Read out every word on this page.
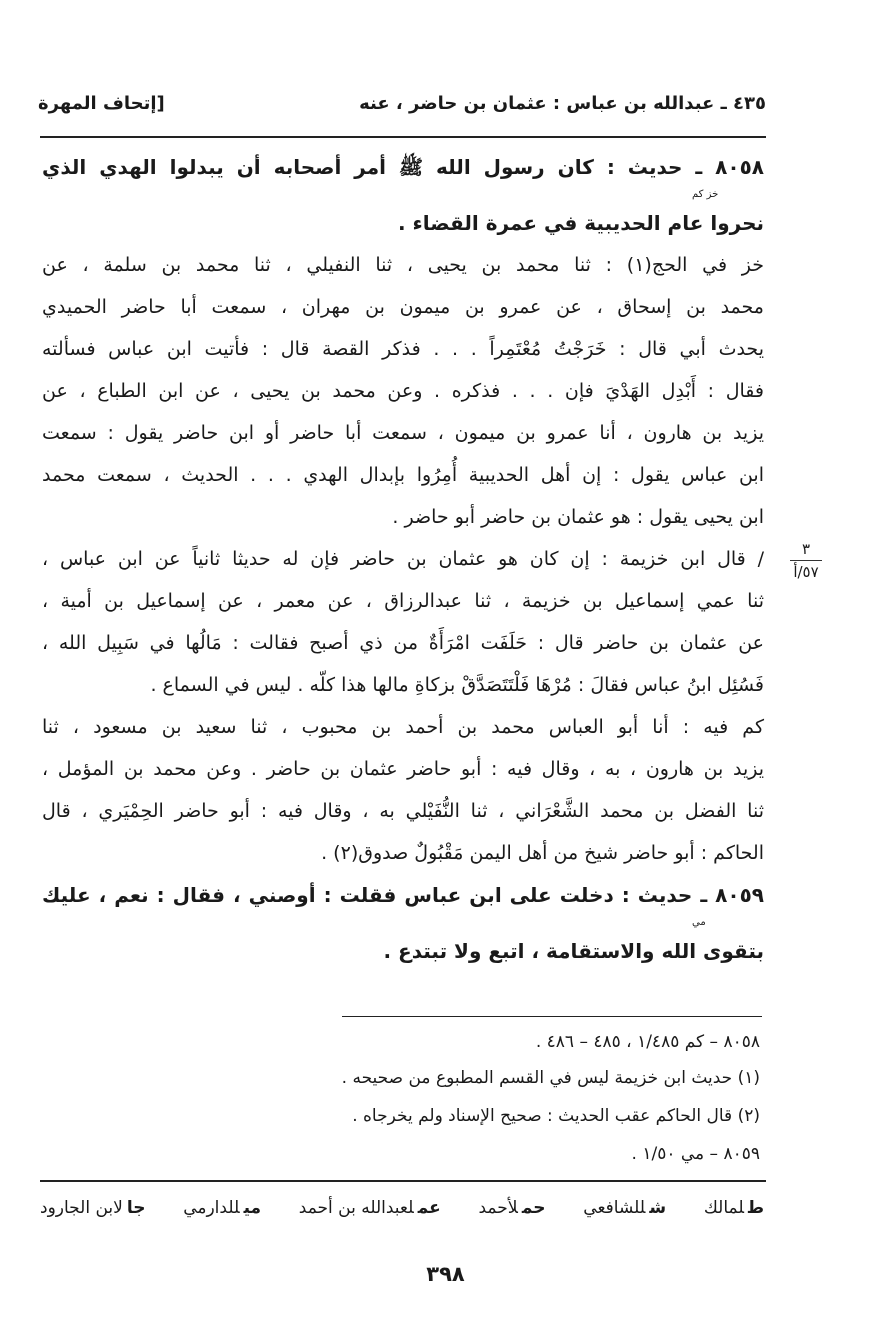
٤٣٥ ـ عبدالله بن عباس : عثمان بن حاضر ، عنه
[إتحاف المهرة
٨٠٥٨ ـ حديث : كان رسول الله ﷺ أمر أصحابه أن يبدلوا الهدي الذي
خز كم
نحروا عام الحديبية في عمرة القضاء .
خز في الحج(١) : ثنا محمد بن يحيى ، ثنا النفيلي ، ثنا محمد بن سلمة ، عن
محمد بن إسحاق ، عن عمرو بن ميمون بن مهران ، سمعت أبا حاضر الحميدي
يحدث أبي قال : خَرَجْتُ مُعْتَمِراً . . . فذكر القصة قال : فأتيت ابن عباس فسألته
فقال : أَبْدِل الهَدْيَ فإن . . . فذكره . وعن محمد بن يحيى ، عن ابن الطباع ، عن
يزيد بن هارون ، أنا عمرو بن ميمون ، سمعت أبا حاضر أو ابن حاضر يقول : سمعت
ابن عباس يقول : إن أهل الحديبية أُمِرُوا بإبدال الهدي . . . الحديث ، سمعت محمد
ابن يحيى يقول : هو عثمان بن حاضر أبو حاضر .
/ قال ابن خزيمة : إن كان هو عثمان بن حاضر فإن له حديثا ثانياً عن ابن عباس ،
ثنا عمي إسماعيل بن خزيمة ، ثنا عبدالرزاق ، عن معمر ، عن إسماعيل بن أمية ،
عن عثمان بن حاضر قال : حَلَفَت امْرَأَةٌ من ذي أصبح فقالت : مَالُها في سَبِيل الله ،
فَسُئِل ابنُ عباس فقالَ : مُرْهَا فَلْتَتَصَدَّقْ بزكاةِ مالها هذا كلّه . ليس في السماع .
كم فيه : أنا أبو العباس محمد بن أحمد بن محبوب ، ثنا سعيد بن مسعود ، ثنا
يزيد بن هارون ، به ، وقال فيه : أبو حاضر عثمان بن حاضر . وعن محمد بن المؤمل ،
ثنا الفضل بن محمد الشَّعْرَاني ، ثنا النُّفَيْلي به ، وقال فيه : أبو حاضر الحِمْيَري ، قال
الحاكم : أبو حاضر شيخ من أهل اليمن مَقْبُولٌ صدوق(٢) .
٨٠٥٩ ـ حديث : دخلت على ابن عباس فقلت : أوصني ، فقال : نعم ، عليك
مي
بتقوى الله والاستقامة ، اتبع ولا تبتدع .
٣
٥٧/أ
٨٠٥٨ – كم ١/٤٨٥ ، ٤٨٥ – ٤٨٦ .
(١) حديث ابن خزيمة ليس في القسم المطبوع من صحيحه .
(٢) قال الحاكم عقب الحديث : صحيح الإسناد ولم يخرجاه .
٨٠٥٩ – مي ١/٥٠ .
طلمالك
شللشافعي
حملأحمد
عملعبدالله بن أحمد
ميللدارمي
جالابن الجارود
٣٩٨
